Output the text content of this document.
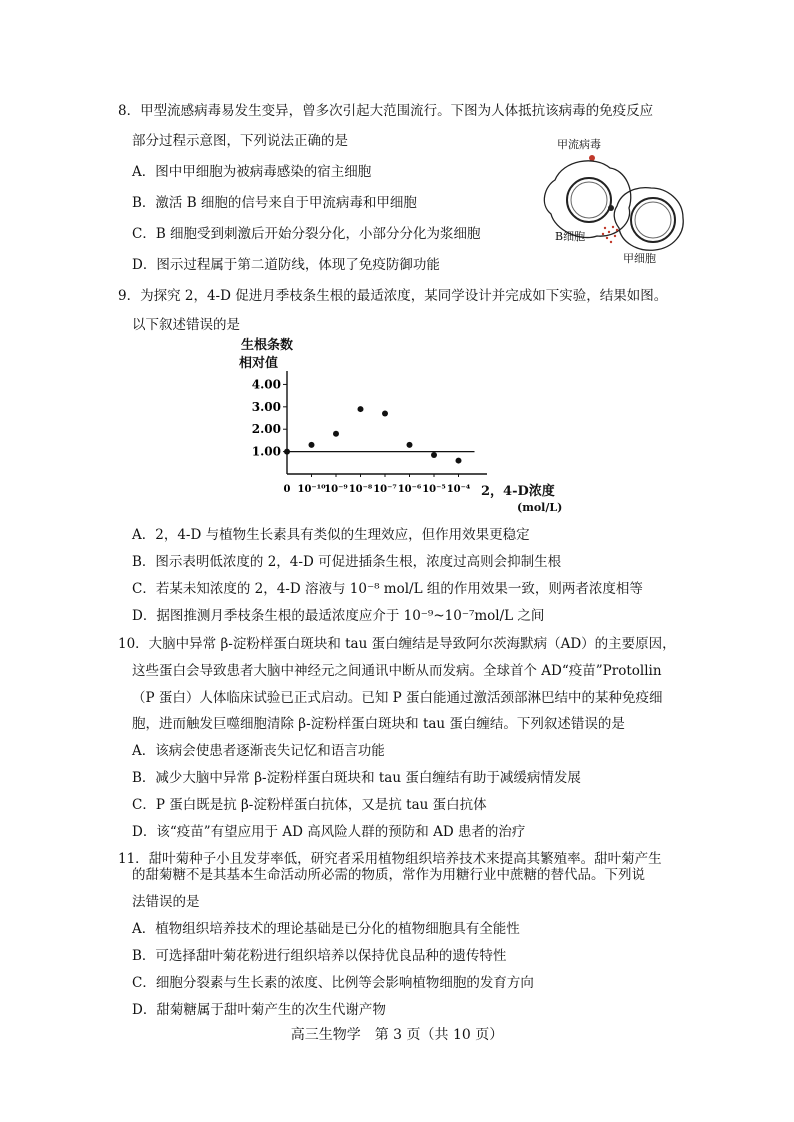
8．甲型流感病毒易发生变异，曾多次引起大范围流行。下图为人体抵抗该病毒的免疫反应
部分过程示意图，下列说法正确的是
A．图中甲细胞为被病毒感染的宿主细胞
B．激活 B 细胞的信号来自于甲流病毒和甲细胞
C．B 细胞受到刺激后开始分裂分化，小部分分化为浆细胞
D．图示过程属于第二道防线，体现了免疫防御功能
甲流病毒
B细胞
甲细胞
9．为探究 2，4-D 促进月季枝条生根的最适浓度，某同学设计并完成如下实验，结果如图。
以下叙述错误的是
生根条数
相对值
1.00
2.00
3.00
4.00
0 10⁻¹⁰
10⁻⁹ 10⁻⁸ 10⁻⁷ 10⁻⁶ 10⁻⁵ 10⁻⁴ 2，4-D浓度
(mol/L)
A．2，4-D 与植物生长素具有类似的生理效应，但作用效果更稳定
B．图示表明低浓度的 2，4-D 可促进插条生根，浓度过高则会抑制生根
C．若某未知浓度的 2，4-D 溶液与 10⁻⁸ mol/L 组的作用效果一致，则两者浓度相等
D．据图推测月季枝条生根的最适浓度应介于 10⁻⁹~10⁻⁷mol/L 之间
10．大脑中异常 β-淀粉样蛋白斑块和 tau 蛋白缠结是导致阿尔茨海默病（AD）的主要原因，
这些蛋白会导致患者大脑中神经元之间通讯中断从而发病。全球首个 AD“疫苗”Protollin
（P 蛋白）人体临床试验已正式启动。已知 P 蛋白能通过激活颈部淋巴结中的某种免疫细
胞，进而触发巨噬细胞清除 β-淀粉样蛋白斑块和 tau 蛋白缠结。下列叙述错误的是
A．该病会使患者逐渐丧失记忆和语言功能
B．减少大脑中异常 β-淀粉样蛋白斑块和 tau 蛋白缠结有助于减缓病情发展
C．P 蛋白既是抗 β-淀粉样蛋白抗体，又是抗 tau 蛋白抗体
D．该“疫苗”有望应用于 AD 高风险人群的预防和 AD 患者的治疗
11．甜叶菊种子小且发芽率低，研究者采用植物组织培养技术来提高其繁殖率。甜叶菊产生
的甜菊糖不是其基本生命活动所必需的物质，常作为用糖行业中蔗糖的替代品。下列说
法错误的是
A．植物组织培养技术的理论基础是已分化的植物细胞具有全能性
B．可选择甜叶菊花粉进行组织培养以保持优良品种的遗传特性
C．细胞分裂素与生长素的浓度、比例等会影响植物细胞的发育方向
D．甜菊糖属于甜叶菊产生的次生代谢产物
高三生物学　第 3 页（共 10 页）
